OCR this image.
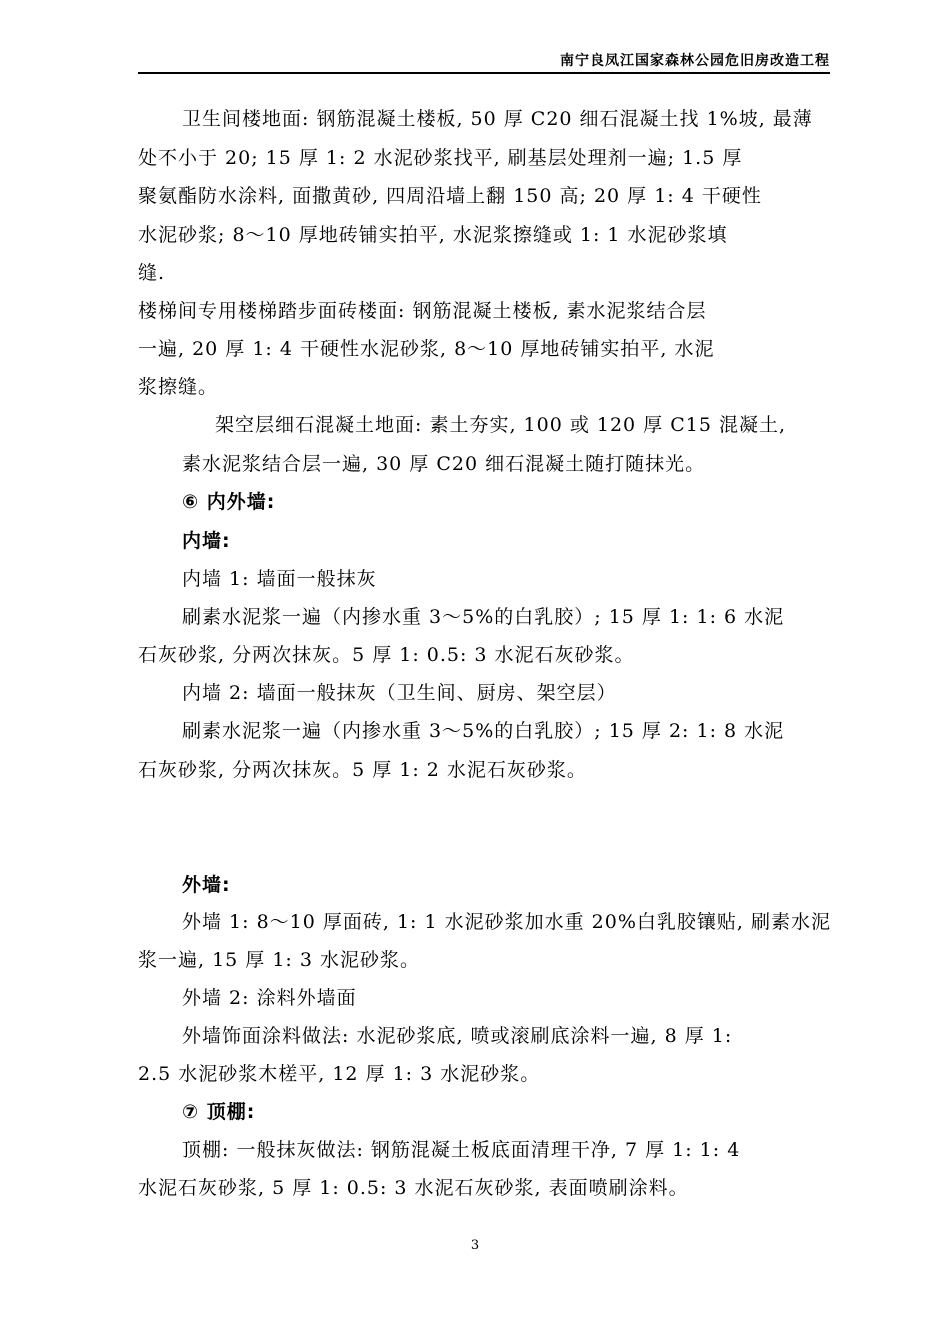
南宁良凤江国家森林公园危旧房改造工程
卫生间楼地面: 钢筋混凝土楼板, 50 厚 C20 细石混凝土找 1%坡, 最薄
处不小于 20; 15 厚 1: 2 水泥砂浆找平, 刷基层处理剂一遍; 1.5 厚
聚氨酯防水涂料, 面撒黄砂, 四周沿墙上翻 150 高; 20 厚 1: 4 干硬性
水泥砂浆; 8～10 厚地砖铺实拍平, 水泥浆擦缝或 1: 1 水泥砂浆填
缝.
楼梯间专用楼梯踏步面砖楼面: 钢筋混凝土楼板, 素水泥浆结合层
一遍, 20 厚 1: 4 干硬性水泥砂浆, 8～10 厚地砖铺实拍平, 水泥
浆擦缝。
架空层细石混凝土地面: 素土夯实, 100 或 120 厚 C15 混凝土,
素水泥浆结合层一遍, 30 厚 C20 细石混凝土随打随抹光。
⑥ 内外墙:
内墙:
内墙 1: 墙面一般抹灰
刷素水泥浆一遍（内掺水重 3～5%的白乳胶）; 15 厚 1: 1: 6 水泥
石灰砂浆, 分两次抹灰。5 厚 1: 0.5: 3 水泥石灰砂浆。
内墙 2: 墙面一般抹灰（卫生间、厨房、架空层）
刷素水泥浆一遍（内掺水重 3～5%的白乳胶）; 15 厚 2: 1: 8 水泥
石灰砂浆, 分两次抹灰。5 厚 1: 2 水泥石灰砂浆。
外墙:
外墙 1: 8～10 厚面砖, 1: 1 水泥砂浆加水重 20%白乳胶镶贴, 刷素水泥
浆一遍, 15 厚 1: 3 水泥砂浆。
外墙 2: 涂料外墙面
外墙饰面涂料做法: 水泥砂浆底, 喷或滚刷底涂料一遍, 8 厚 1:
2.5 水泥砂浆木槎平, 12 厚 1: 3 水泥砂浆。
⑦ 顶棚:
顶棚: 一般抹灰做法: 钢筋混凝土板底面清理干净, 7 厚 1: 1: 4
水泥石灰砂浆, 5 厚 1: 0.5: 3 水泥石灰砂浆, 表面喷刷涂料。
3
